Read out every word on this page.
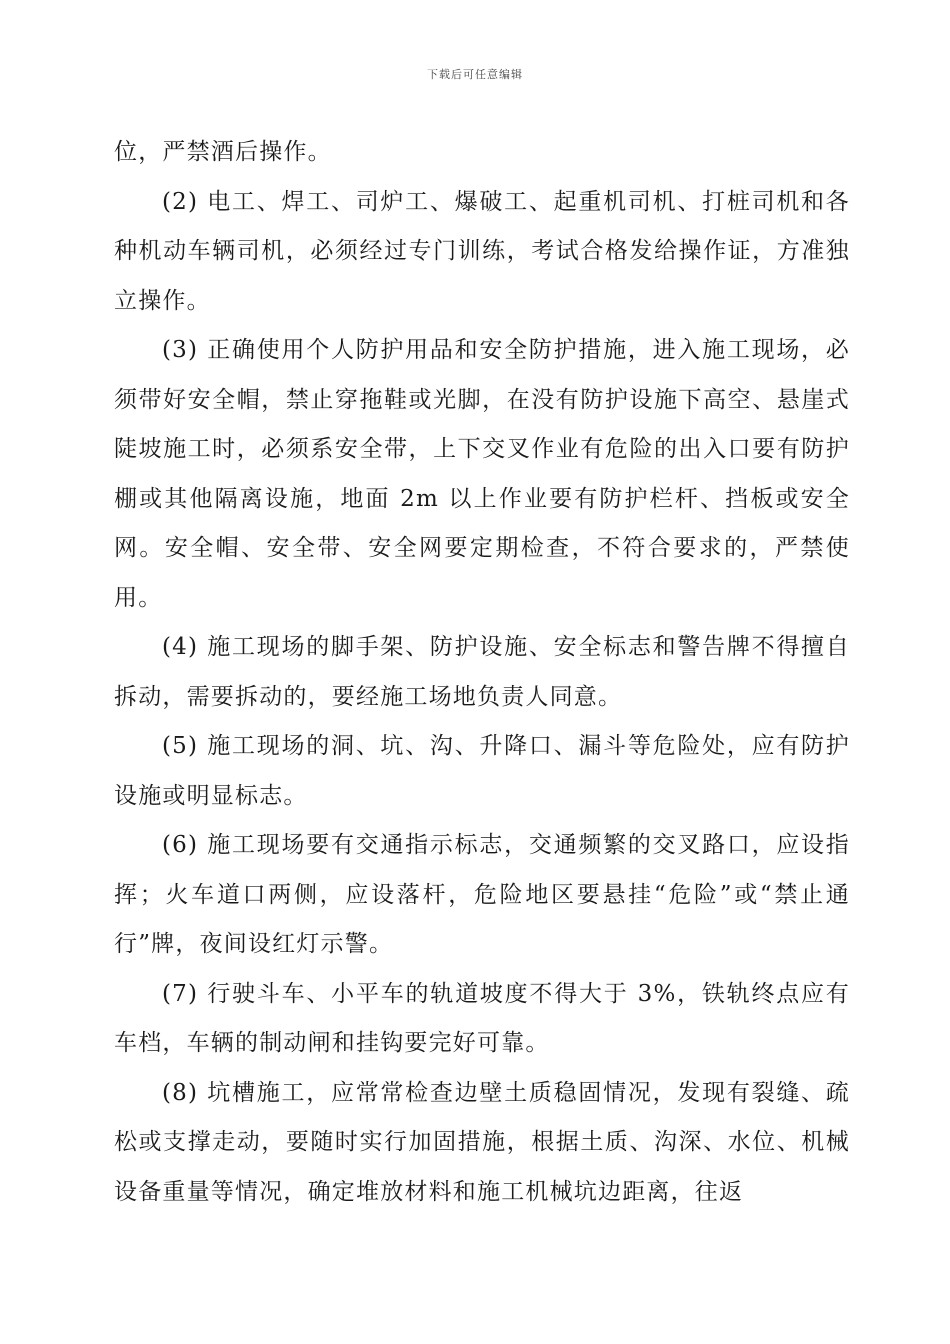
下载后可任意编辑

位，严禁酒后操作。

(2) 电工、焊工、司炉工、爆破工、起重机司机、打桩司机和各种机动车辆司机，必须经过专门训练，考试合格发给操作证，方准独立操作。

(3) 正确使用个人防护用品和安全防护措施，进入施工现场，必须带好安全帽，禁止穿拖鞋或光脚，在没有防护设施下高空、悬崖式陡坡施工时，必须系安全带，上下交叉作业有危险的出入口要有防护棚或其他隔离设施，地面 2m 以上作业要有防护栏杆、挡板或安全网。安全帽、安全带、安全网要定期检查，不符合要求的，严禁使用。

(4) 施工现场的脚手架、防护设施、安全标志和警告牌不得擅自拆动，需要拆动的，要经施工场地负责人同意。

(5) 施工现场的洞、坑、沟、升降口、漏斗等危险处，应有防护设施或明显标志。

(6) 施工现场要有交通指示标志，交通频繁的交叉路口，应设指挥；火车道口两侧，应设落杆，危险地区要悬挂“危险”或“禁止通行”牌，夜间设红灯示警。

(7) 行驶斗车、小平车的轨道坡度不得大于 3%，铁轨终点应有车档，车辆的制动闸和挂钩要完好可靠。

(8) 坑槽施工，应常常检查边壁土质稳固情况，发现有裂缝、疏松或支撑走动，要随时实行加固措施，根据土质、沟深、水位、机械设备重量等情况，确定堆放材料和施工机械坑边距离，往返
